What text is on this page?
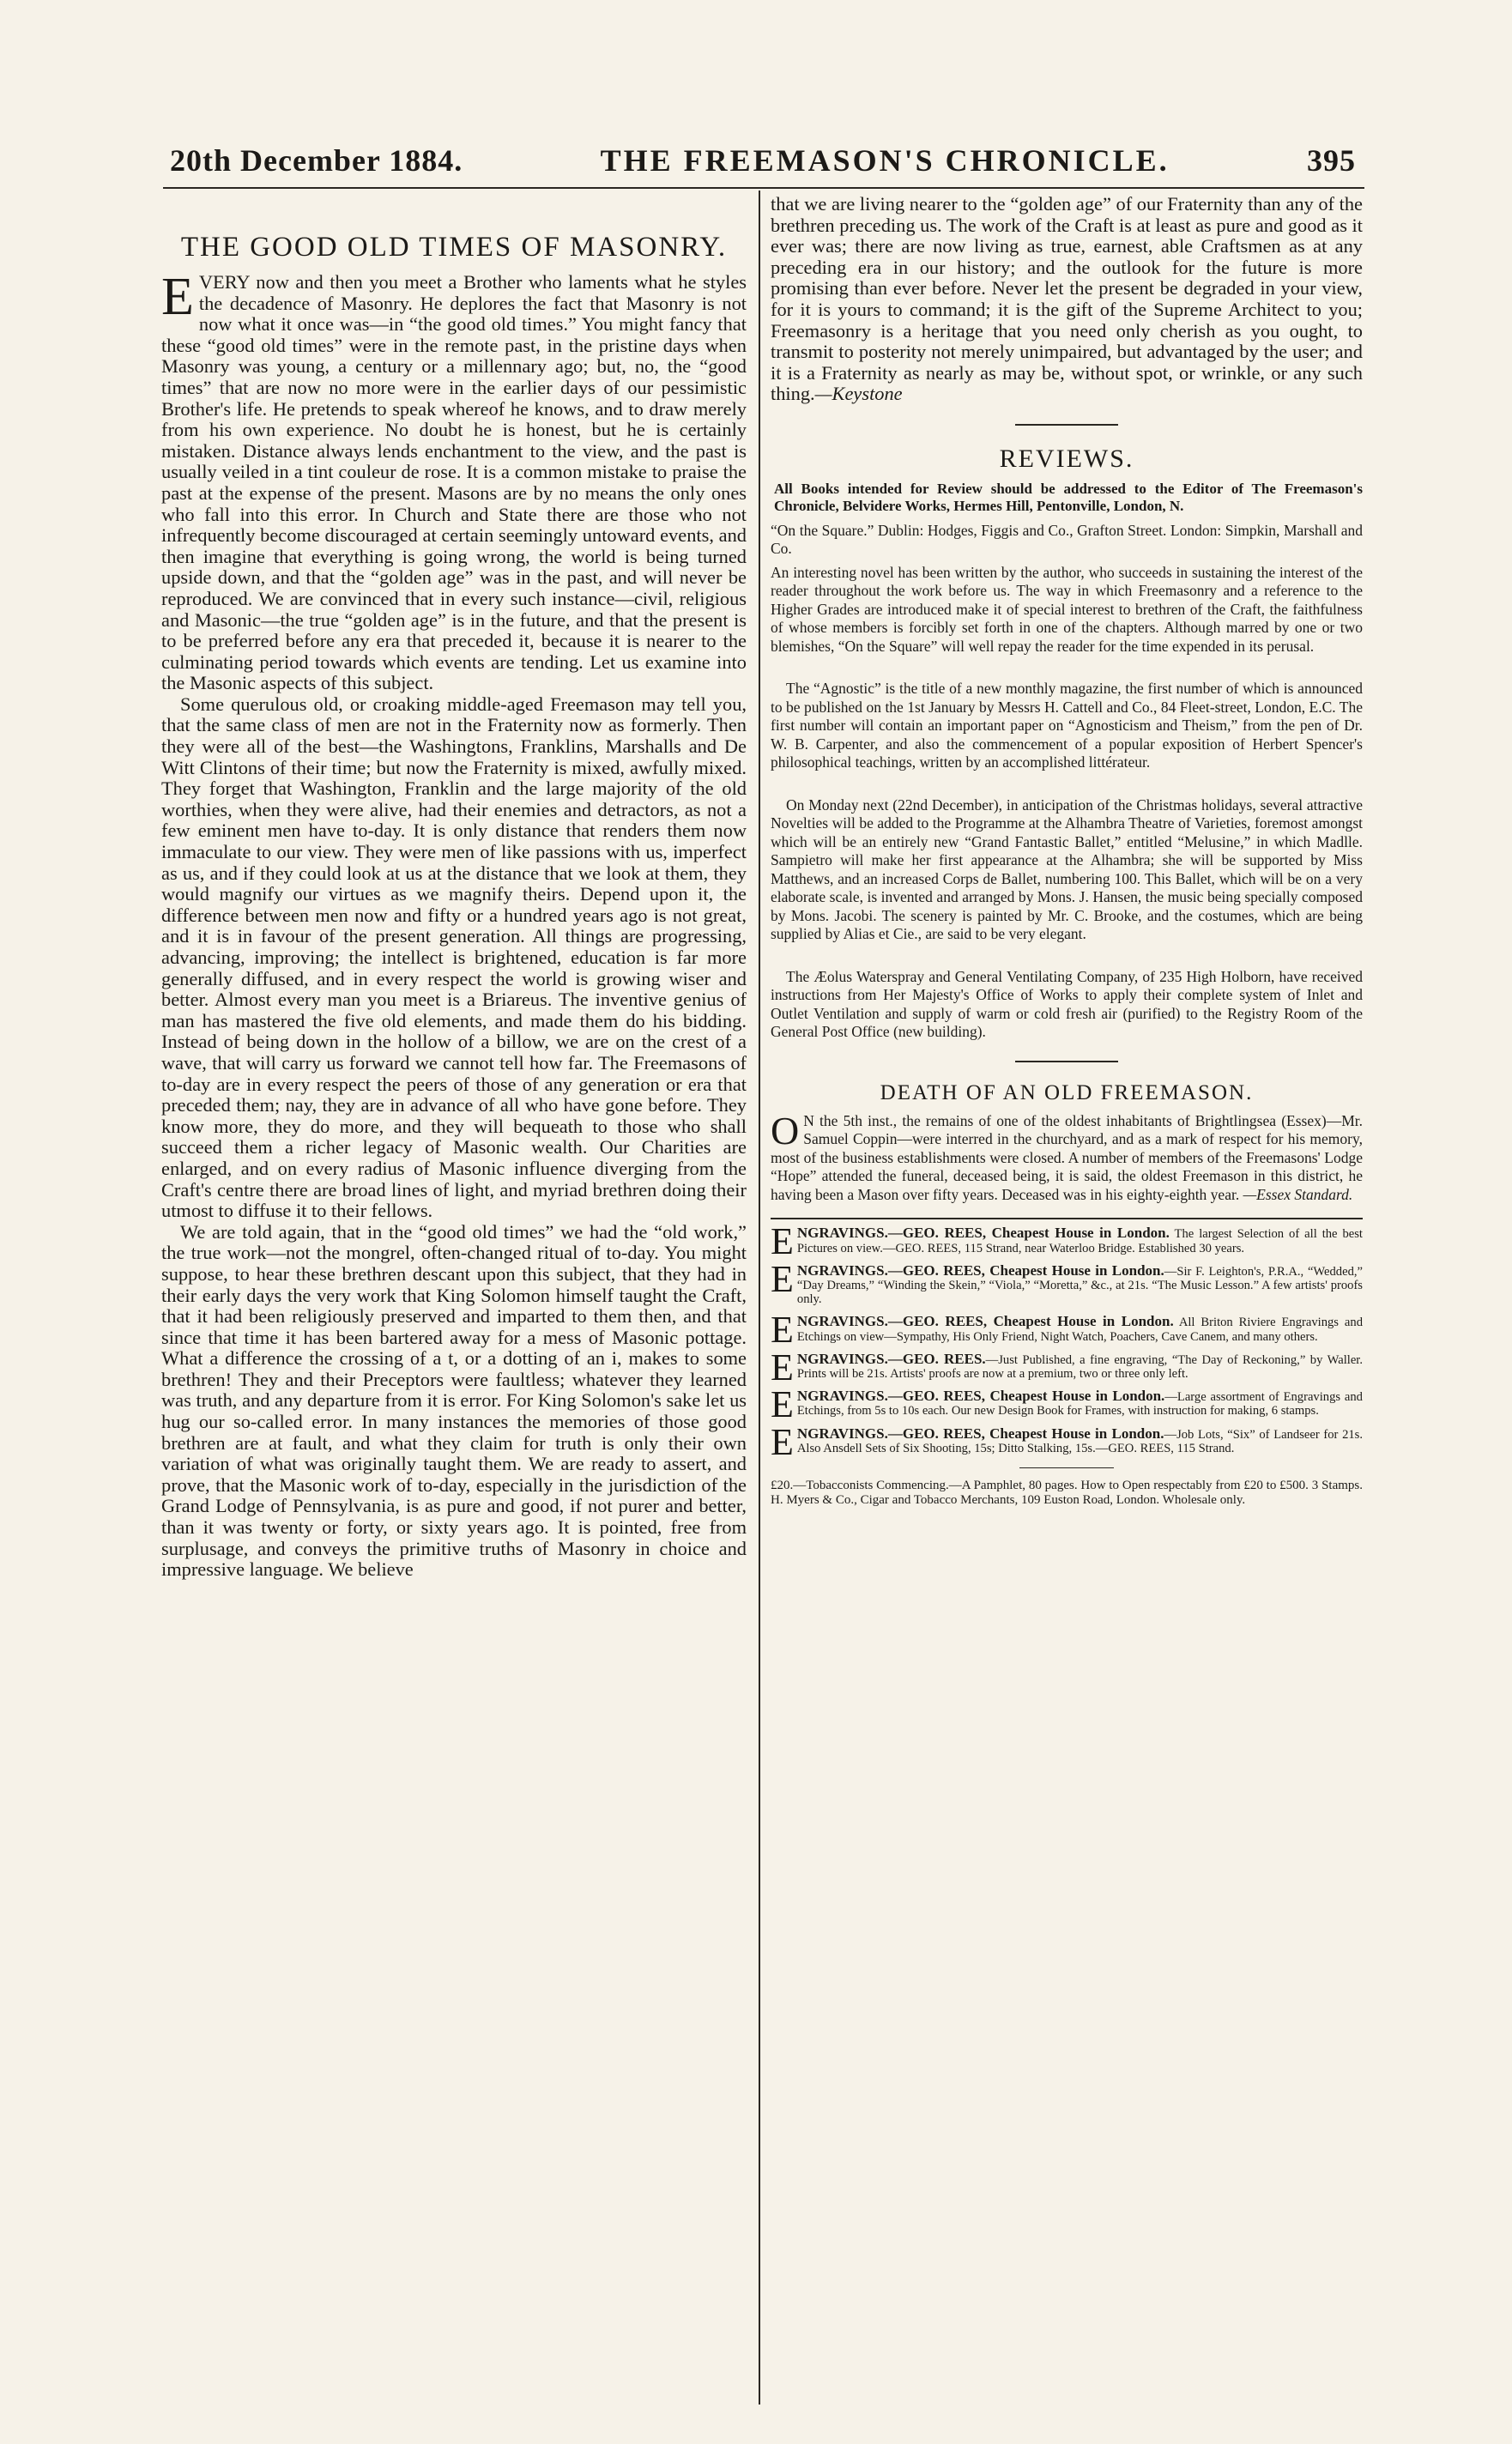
20th December 1884.	THE FREEMASON'S CHRONICLE.	395
THE GOOD OLD TIMES OF MASONRY.

EVERY now and then you meet a Brother who laments what he styles the decadence of Masonry. He deplores the fact that Masonry is not now what it once was—in “the good old times.” You might fancy that these “good old times” were in the remote past, in the pristine days when Masonry was young, a century or a millennary ago; but, no, the “good times” that are now no more were in the earlier days of our pessimistic Brother's life. He pretends to speak whereof he knows, and to draw merely from his own experience. No doubt he is honest, but he is certainly mistaken. Distance always lends enchantment to the view, and the past is usually veiled in a tint couleur de rose. It is a common mistake to praise the past at the expense of the present. Masons are by no means the only ones who fall into this error. In Church and State there are those who not infrequently become discouraged at certain seemingly untoward events, and then imagine that everything is going wrong, the world is being turned upside down, and that the “golden age” was in the past, and will never be reproduced. We are convinced that in every such instance—civil, religious and Masonic—the true “golden age” is in the future, and that the present is to be preferred before any era that preceded it, because it is nearer to the culminating period towards which events are tending. Let us examine into the Masonic aspects of this subject.

Some querulous old, or croaking middle-aged Freemason may tell you, that the same class of men are not in the Fraternity now as formerly. Then they were all of the best—the Washingtons, Franklins, Marshalls and De Witt Clintons of their time; but now the Fraternity is mixed, awfully mixed. They forget that Washington, Franklin and the large majority of the old worthies, when they were alive, had their enemies and detractors, as not a few eminent men have to-day. It is only distance that renders them now immaculate to our view. They were men of like passions with us, imperfect as us, and if they could look at us at the distance that we look at them, they would magnify our virtues as we magnify theirs. Depend upon it, the difference between men now and fifty or a hundred years ago is not great, and it is in favour of the present generation. All things are progressing, advancing, improving; the intellect is brightened, education is far more generally diffused, and in every respect the world is growing wiser and better. Almost every man you meet is a Briareus. The inventive genius of man has mastered the five old elements, and made them do his bidding. Instead of being down in the hollow of a billow, we are on the crest of a wave, that will carry us forward we cannot tell how far. The Freemasons of to-day are in every respect the peers of those of any generation or era that preceded them; nay, they are in advance of all who have gone before. They know more, they do more, and they will bequeath to those who shall succeed them a richer legacy of Masonic wealth. Our Charities are enlarged, and on every radius of Masonic influence diverging from the Craft's centre there are broad lines of light, and myriad brethren doing their utmost to diffuse it to their fellows.

We are told again, that in the “good old times” we had the “old work,” the true work—not the mongrel, often-changed ritual of to-day. You might suppose, to hear these brethren descant upon this subject, that they had in their early days the very work that King Solomon himself taught the Craft, that it had been religiously preserved and imparted to them then, and that since that time it has been bartered away for a mess of Masonic pottage. What a difference the crossing of a t, or a dotting of an i, makes to some brethren! They and their Preceptors were faultless; whatever they learned was truth, and any departure from it is error. For King Solomon's sake let us hug our so-called error. In many instances the memories of those good brethren are at fault, and what they claim for truth is only their own variation of what was originally taught them. We are ready to assert, and prove, that the Masonic work of to-day, especially in the jurisdiction of the Grand Lodge of Pennsylvania, is as pure and good, if not purer and better, than it was twenty or forty, or sixty years ago. It is pointed, free from surplusage, and conveys the primitive truths of Masonry in choice and impressive language. We believe

that we are living nearer to the “golden age” of our Fraternity than any of the brethren preceding us. The work of the Craft is at least as pure and good as it ever was; there are now living as true, earnest, able Craftsmen as at any preceding era in our history; and the outlook for the future is more promising than ever before. Never let the present be degraded in your view, for it is yours to command; it is the gift of the Supreme Architect to you; Freemasonry is a heritage that you need only cherish as you ought, to transmit to posterity not merely unimpaired, but advantaged by the user; and it is a Fraternity as nearly as may be, without spot, or wrinkle, or any such thing.—Keystone

REVIEWS.

All Books intended for Review should be addressed to the Editor of The Freemason's Chronicle, Belvidere Works, Hermes Hill, Pentonville, London, N.

“On the Square.” Dublin: Hodges, Figgis and Co., Grafton Street. London: Simpkin, Marshall and Co.

An interesting novel has been written by the author, who succeeds in sustaining the interest of the reader throughout the work before us. The way in which Freemasonry and a reference to the Higher Grades are introduced make it of special interest to brethren of the Craft, the faithfulness of whose members is forcibly set forth in one of the chapters. Although marred by one or two blemishes, “On the Square” will well repay the reader for the time expended in its perusal.

The “Agnostic” is the title of a new monthly magazine, the first number of which is announced to be published on the 1st January by Messrs H. Cattell and Co., 84 Fleet-street, London, E.C. The first number will contain an important paper on “Agnosticism and Theism,” from the pen of Dr. W. B. Carpenter, and also the commencement of a popular exposition of Herbert Spencer's philosophical teachings, written by an accomplished littérateur.

On Monday next (22nd December), in anticipation of the Christmas holidays, several attractive Novelties will be added to the Programme at the Alhambra Theatre of Varieties, foremost amongst which will be an entirely new “Grand Fantastic Ballet,” entitled “Melusine,” in which Madlle. Sampietro will make her first appearance at the Alhambra; she will be supported by Miss Matthews, and an increased Corps de Ballet, numbering 100. This Ballet, which will be on a very elaborate scale, is invented and arranged by Mons. J. Hansen, the music being specially composed by Mons. Jacobi. The scenery is painted by Mr. C. Brooke, and the costumes, which are being supplied by Alias et Cie., are said to be very elegant.

The Æolus Waterspray and General Ventilating Company, of 235 High Holborn, have received instructions from Her Majesty's Office of Works to apply their complete system of Inlet and Outlet Ventilation and supply of warm or cold fresh air (purified) to the Registry Room of the General Post Office (new building).

DEATH OF AN OLD FREEMASON.

O N the 5th inst., the remains of one of the oldest inhabitants of Brightlingsea (Essex)—Mr. Samuel Coppin—were interred in the churchyard, and as a mark of respect for his memory, most of the business establishments were closed. A number of members of the Freemasons' Lodge “Hope” attended the funeral, deceased being, it is said, the oldest Freemason in this district, he having been a Mason over fifty years. Deceased was in his eighty-eighth year. —Essex Standard.

ENGRAVINGS.—GEO. REES, Cheapest House in London. The largest Selection of all the best Pictures on view.—GEO. REES, 115 Strand, near Waterloo Bridge. Established 30 years.

ENGRAVINGS.—GEO. REES, Cheapest House in London.—Sir F. Leighton's, P.R.A., “Wedded,” “Day Dreams,” “Winding the Skein,” “Viola,” “Moretta,” &c., at 21s. “The Music Lesson.” A few artists' proofs only.

ENGRAVINGS.—GEO. REES, Cheapest House in London. All Briton Riviere Engravings and Etchings on view—Sympathy, His Only Friend, Night Watch, Poachers, Cave Canem, and many others.

ENGRAVINGS.—GEO. REES.—Just Published, a fine engraving, “The Day of Reckoning,” by Waller. Prints will be 21s. Artists' proofs are now at a premium, two or three only left.

ENGRAVINGS.—GEO. REES, Cheapest House in London.—Large assortment of Engravings and Etchings, from 5s to 10s each. Our new Design Book for Frames, with instruction for making, 6 stamps.

ENGRAVINGS.—GEO. REES, Cheapest House in London.—Job Lots, “Six” of Landseer for 21s. Also Ansdell Sets of Six Shooting, 15s; Ditto Stalking, 15s.—GEO. REES, 115 Strand.

£20.—Tobacconists Commencing.—A Pamphlet, 80 pages. How to Open respectably from £20 to £500. 3 Stamps. H. Myers & Co., Cigar and Tobacco Merchants, 109 Euston Road, London. Wholesale only.
